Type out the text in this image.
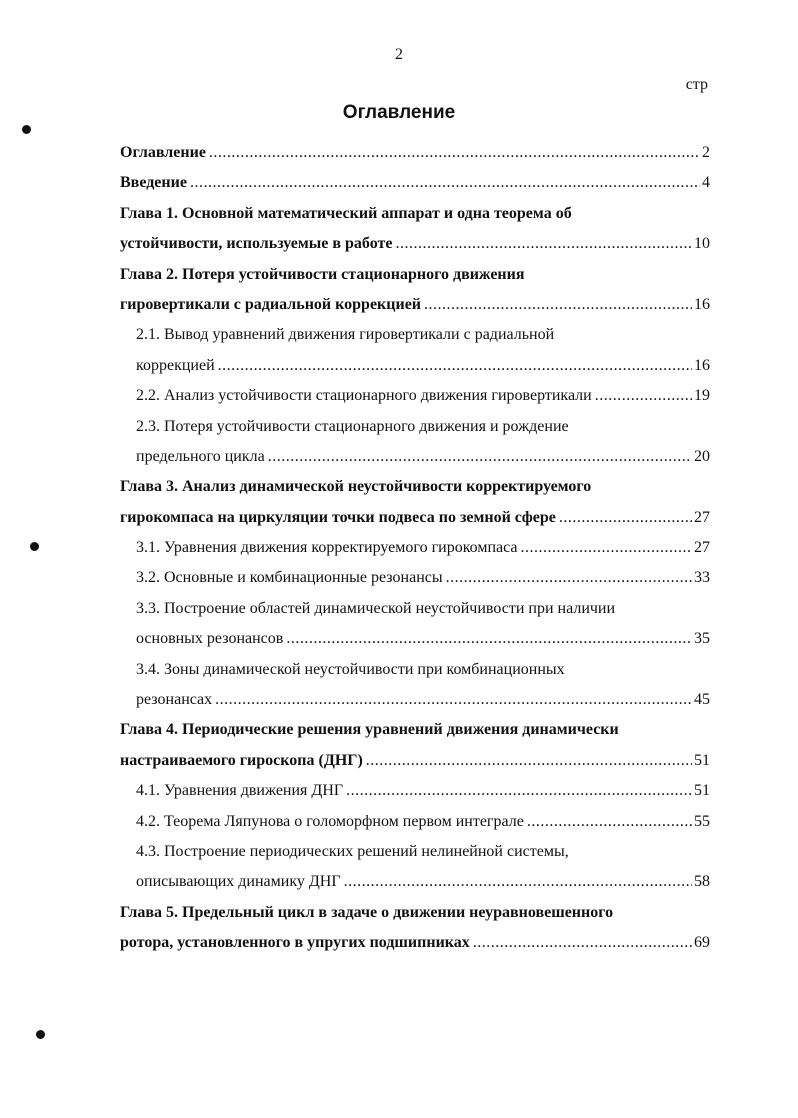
2
стр
Оглавление
Оглавление .....	2
Введение .....	4
Глава 1. Основной математический аппарат и одна теорема об
устойчивости, используемые в работе .....	10
Глава 2. Потеря устойчивости стационарного движения
гировертикали с радиальной коррекцией .....	16
2.1. Вывод уравнений движения гировертикали с радиальной
коррекцией .....	16
2.2. Анализ устойчивости стационарного движения гировертикали .....	19
2.3. Потеря устойчивости стационарного движения и рождение
предельного цикла .....	20
Глава 3. Анализ динамической неустойчивости корректируемого
гирокомпаса на циркуляции точки подвеса по земной сфере .....	27
3.1. Уравнения движения корректируемого гирокомпаса .....	27
3.2. Основные и комбинационные резонансы .....	33
3.3. Построение областей динамической неустойчивости при наличии
основных резонансов .....	35
3.4. Зоны динамической неустойчивости при комбинационных
резонансах .....	45
Глава 4. Периодические решения уравнений движения динамически
настраиваемого гироскопа (ДНГ) .....	51
4.1. Уравнения движения ДНГ .....	51
4.2. Теорема Ляпунова о голоморфном первом интеграле .....	55
4.3. Построение периодических решений нелинейной системы,
описывающих динамику ДНГ .....	58
Глава 5. Предельный цикл в задаче о движении неуравновешенного
ротора, установленного в упругих подшипниках .....	69
